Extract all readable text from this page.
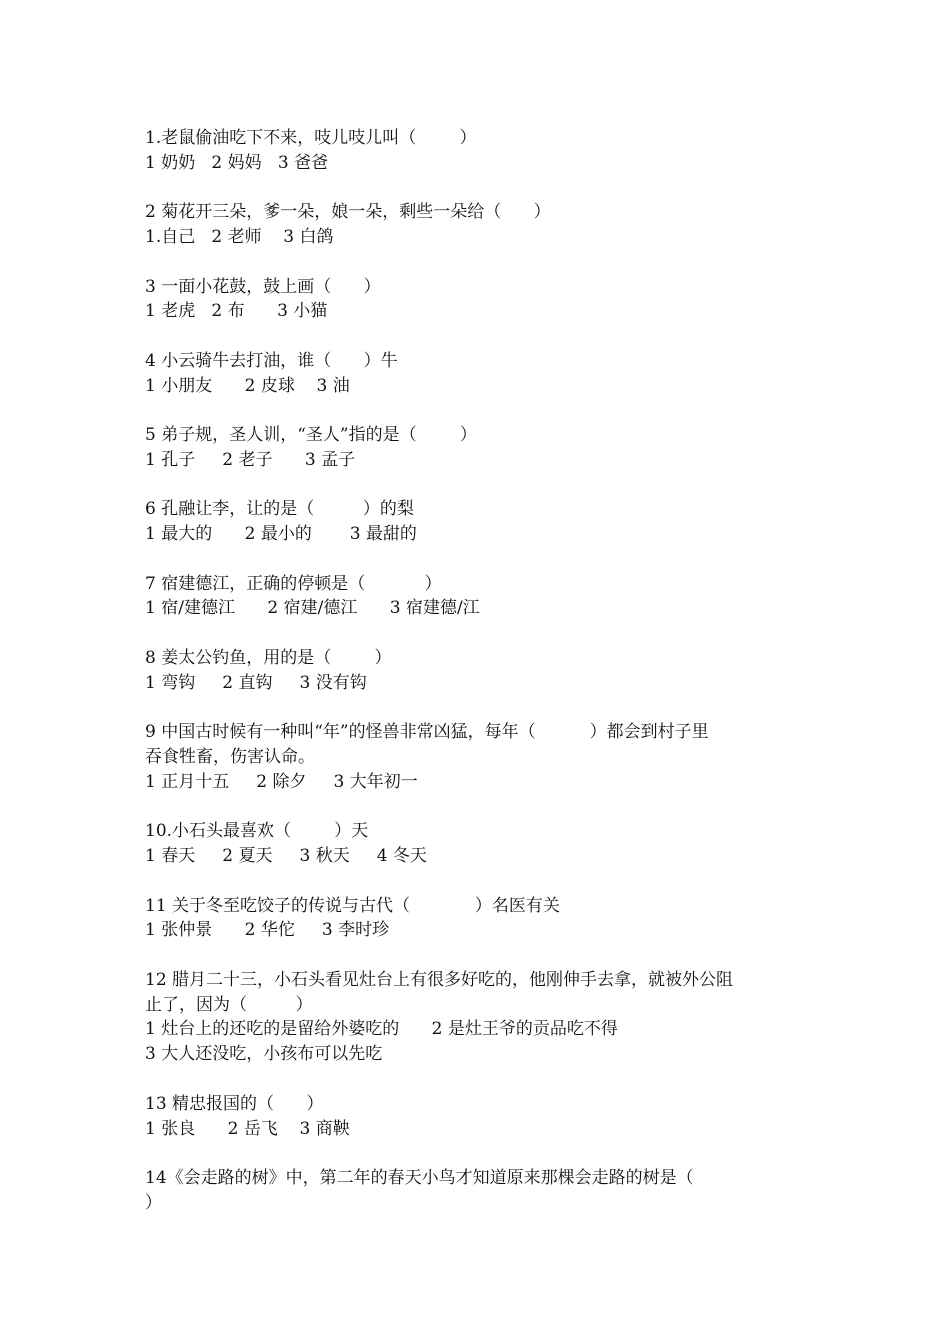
1.老鼠偷油吃下不来，吱儿吱儿叫（        ）
1 奶奶   2 妈妈   3 爸爸
2 菊花开三朵，爹一朵，娘一朵，剩些一朵给（      ）
1.自己   2 老师    3 白鸽
3 一面小花鼓，鼓上画（      ）
1 老虎   2 布      3 小猫
4 小云骑牛去打油，谁（      ）牛
1 小朋友      2 皮球    3 油
5 弟子规，圣人训，“圣人”指的是（        ）
1 孔子     2 老子      3 孟子
6 孔融让李，让的是（         ）的梨
1 最大的      2 最小的       3 最甜的
7 宿建德江，正确的停顿是（           ）
1 宿/建德江      2 宿建/德江      3 宿建德/江
8 姜太公钓鱼，用的是（        ）
1 弯钩     2 直钩     3 没有钩
9 中国古时候有一种叫“年”的怪兽非常凶猛，每年（          ）都会到村子里
吞食牲畜，伤害认命。
1 正月十五     2 除夕     3 大年初一
10.小石头最喜欢（        ）天
1 春天     2 夏天     3 秋天     4 冬天
11 关于冬至吃饺子的传说与古代（            ）名医有关
1 张仲景      2 华佗     3 李时珍
12 腊月二十三，小石头看见灶台上有很多好吃的，他刚伸手去拿，就被外公阻
止了，因为（         ）
1 灶台上的还吃的是留给外婆吃的      2 是灶王爷的贡品吃不得
3 大人还没吃，小孩布可以先吃
13 精忠报国的（      ）
1 张良      2 岳飞    3 商鞅
14《会走路的树》中，第二年的春天小鸟才知道原来那棵会走路的树是（
）
